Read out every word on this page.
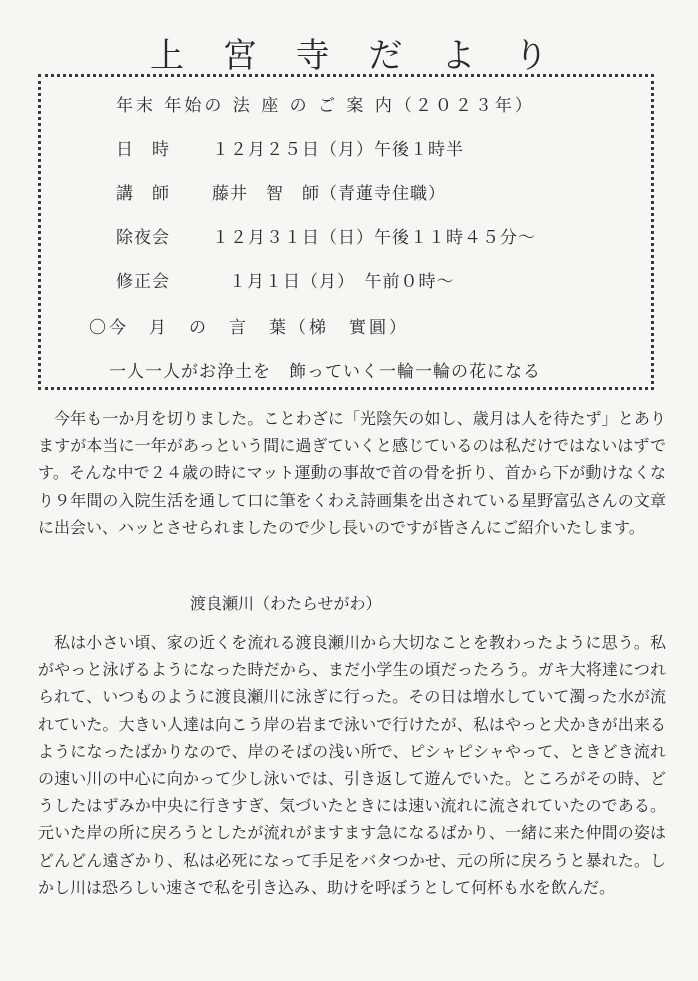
上 宮 寺 だ よ り
年末 年始の 法 座 の ご 案 内（２０２３年）
日　時 １２月２５日（月）午後１時半
講　師 藤井　智　師（青蓮寺住職）
除夜会 １２月３１日（日）午後１１時４５分～
修正会	１月１日（月）　午前０時～
〇今　月　の　言　葉（梯　實圓）
一人一人がお浄土を　飾っていく一輪一輪の花になる

今年も一か月を切りました。ことわざに「光陰矢の如し、歳月は人を待たず」とありますが本当に一年があっという間に過ぎていくと感じているのは私だけではないはずです。そんな中で２４歳の時にマット運動の事故で首の骨を折り、首から下が動けなくなり９年間の入院生活を通して口に筆をくわえ詩画集を出されている星野富弘さんの文章に出会い、ハッとさせられましたので少し長いのですが皆さんにご紹介いたします。

渡良瀬川（わたらせがわ）

私は小さい頃、家の近くを流れる渡良瀬川から大切なことを教わったように思う。私がやっと泳げるようになった時だから、まだ小学生の頃だったろう。ガキ大将達につれられて、いつものように渡良瀬川に泳ぎに行った。その日は増水していて濁った水が流れていた。大きい人達は向こう岸の岩まで泳いで行けたが、私はやっと犬かきが出来るようになったばかりなので、岸のそばの浅い所で、ピシャピシャやって、ときどき流れの速い川の中心に向かって少し泳いでは、引き返して遊んでいた。ところがその時、どうしたはずみか中央に行きすぎ、気づいたときには速い流れに流されていたのである。元いた岸の所に戻ろうとしたが流れがますます急になるばかり、一緒に来た仲間の姿はどんどん遠ざかり、私は必死になって手足をバタつかせ、元の所に戻ろうと暴れた。しかし川は恐ろしい速さで私を引き込み、助けを呼ぼうとして何杯も水を飲んだ。
